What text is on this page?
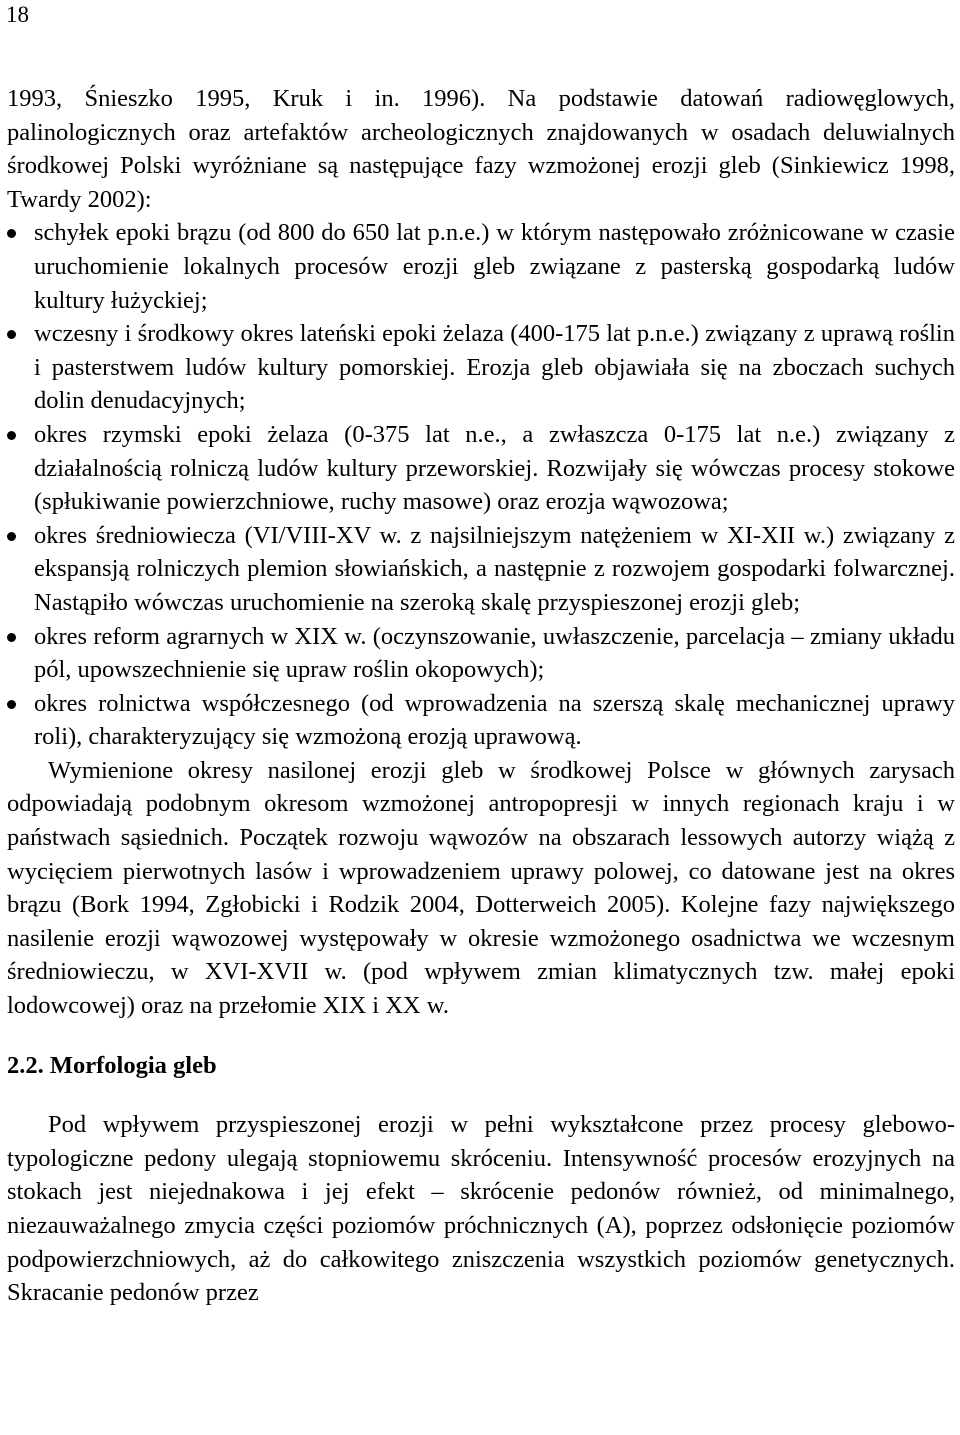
18

1993, Śnieszko 1995, Kruk i in. 1996). Na podstawie datowań radiowęglowych, palinologicznych oraz artefaktów archeologicznych znajdowanych w osadach deluwialnych środkowej Polski wyróżniane są następujące fazy wzmożonej erozji gleb (Sinkiewicz 1998, Twardy 2002):

schyłek epoki brązu (od 800 do 650 lat p.n.e.) w którym następowało zróżnicowane w czasie uruchomienie lokalnych procesów erozji gleb związane z pasterską gospodarką ludów kultury łużyckiej;
wczesny i środkowy okres lateński epoki żelaza (400-175 lat p.n.e.) związany z uprawą roślin i pasterstwem ludów kultury pomorskiej. Erozja gleb objawiała się na zboczach suchych dolin denudacyjnych;
okres rzymski epoki żelaza (0-375 lat n.e., a zwłaszcza 0-175 lat n.e.) związany z działalnością rolniczą ludów kultury przeworskiej. Rozwijały się wówczas procesy stokowe (spłukiwanie powierzchniowe, ruchy masowe) oraz erozja wąwozowa;
okres średniowiecza (VI/VIII-XV w. z najsilniejszym natężeniem w XI-XII w.) związany z ekspansją rolniczych plemion słowiańskich, a następnie z rozwojem gospodarki folwarcznej. Nastąpiło wówczas uruchomienie na szeroką skalę przyspieszonej erozji gleb;
okres reform agrarnych w XIX w. (oczynszowanie, uwłaszczenie, parcelacja – zmiany układu pól, upowszechnienie się upraw roślin okopowych);
okres rolnictwa współczesnego (od wprowadzenia na szerszą skalę mechanicznej uprawy roli), charakteryzujący się wzmożoną erozją uprawową.

Wymienione okresy nasilonej erozji gleb w środkowej Polsce w głównych zarysach odpowiadają podobnym okresom wzmożonej antropopresji w innych regionach kraju i w państwach sąsiednich. Początek rozwoju wąwozów na obszarach lessowych autorzy wiążą z wycięciem pierwotnych lasów i wprowadzeniem uprawy polowej, co datowane jest na okres brązu (Bork 1994, Zgłobicki i Rodzik 2004, Dotterweich 2005). Kolejne fazy największego nasilenie erozji wąwozowej występowały w okresie wzmożonego osadnictwa we wczesnym średniowieczu, w XVI-XVII w. (pod wpływem zmian klimatycznych tzw. małej epoki lodowcowej) oraz na przełomie XIX i XX w.

2.2. Morfologia gleb

Pod wpływem przyspieszonej erozji w pełni wykształcone przez procesy glebowo-typologiczne pedony ulegają stopniowemu skróceniu. Intensywność procesów erozyjnych na stokach jest niejednakowa i jej efekt – skrócenie pedonów również, od minimalnego, niezauważalnego zmycia części poziomów próchnicznych (A), poprzez odsłonięcie poziomów podpowierzchniowych, aż do całkowitego zniszczenia wszystkich poziomów genetycznych. Skracanie pedonów przez
